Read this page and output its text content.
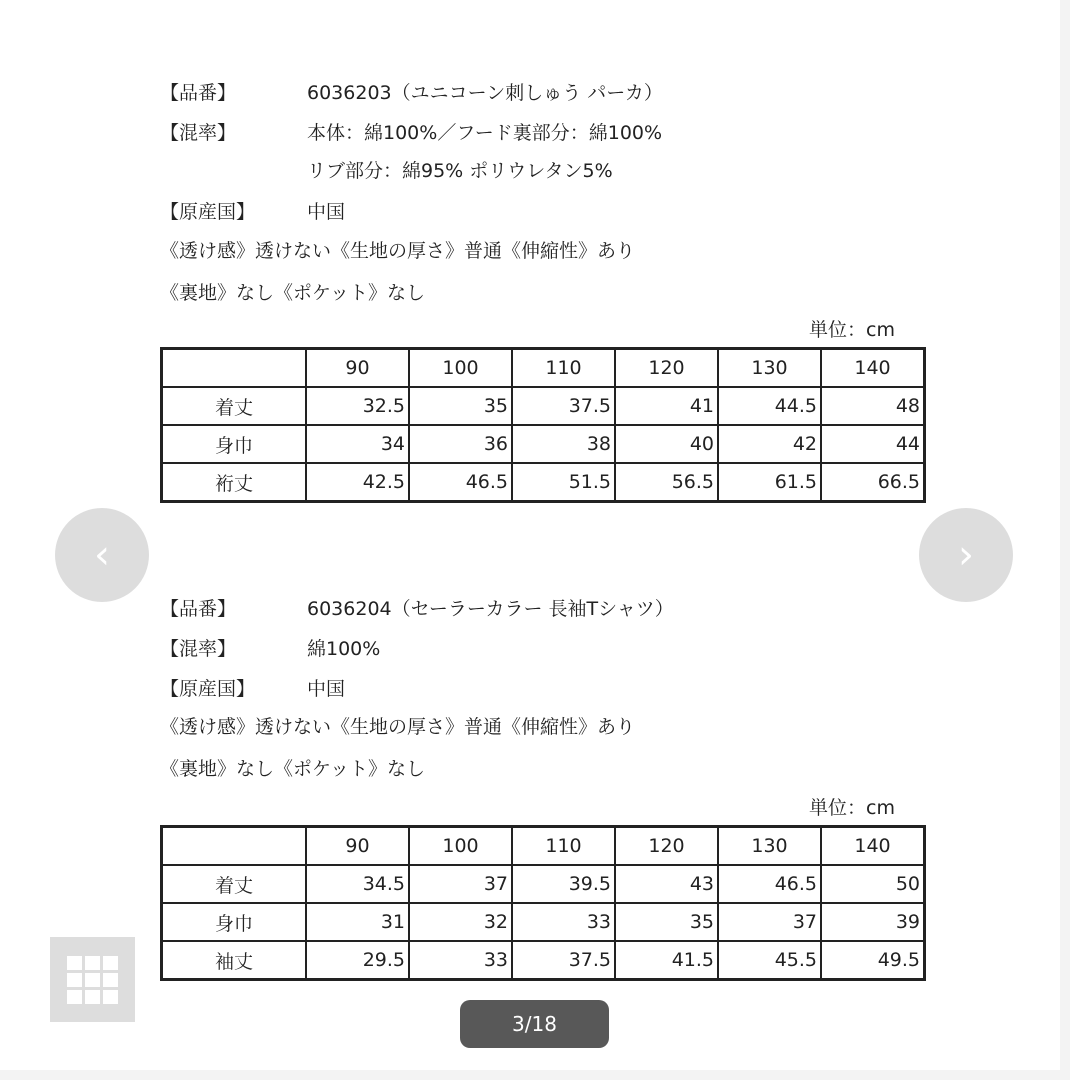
【品番】	6036203（ユニコーン刺しゅう パーカ）
【混率】	本体：綿100%／フード裏部分：綿100%
リブ部分：綿95% ポリウレタン5%
【原産国】	中国
《透け感》透けない《生地の厚さ》普通《伸縮性》あり
《裏地》なし《ポケット》なし
単位：cm
	90	100	110	120	130	140
着丈	32.5	35	37.5	41	44.5	48
身巾	34	36	38	40	42	44
裄丈	42.5	46.5	51.5	56.5	61.5	66.5
【品番】	6036204（セーラーカラー 長袖Tシャツ）
【混率】	綿100%
【原産国】	中国
《透け感》透けない《生地の厚さ》普通《伸縮性》あり
《裏地》なし《ポケット》なし
単位：cm
	90	100	110	120	130	140
着丈	34.5	37	39.5	43	46.5	50
身巾	31	32	33	35	37	39
袖丈	29.5	33	37.5	41.5	45.5	49.5
‹	›
3/18
